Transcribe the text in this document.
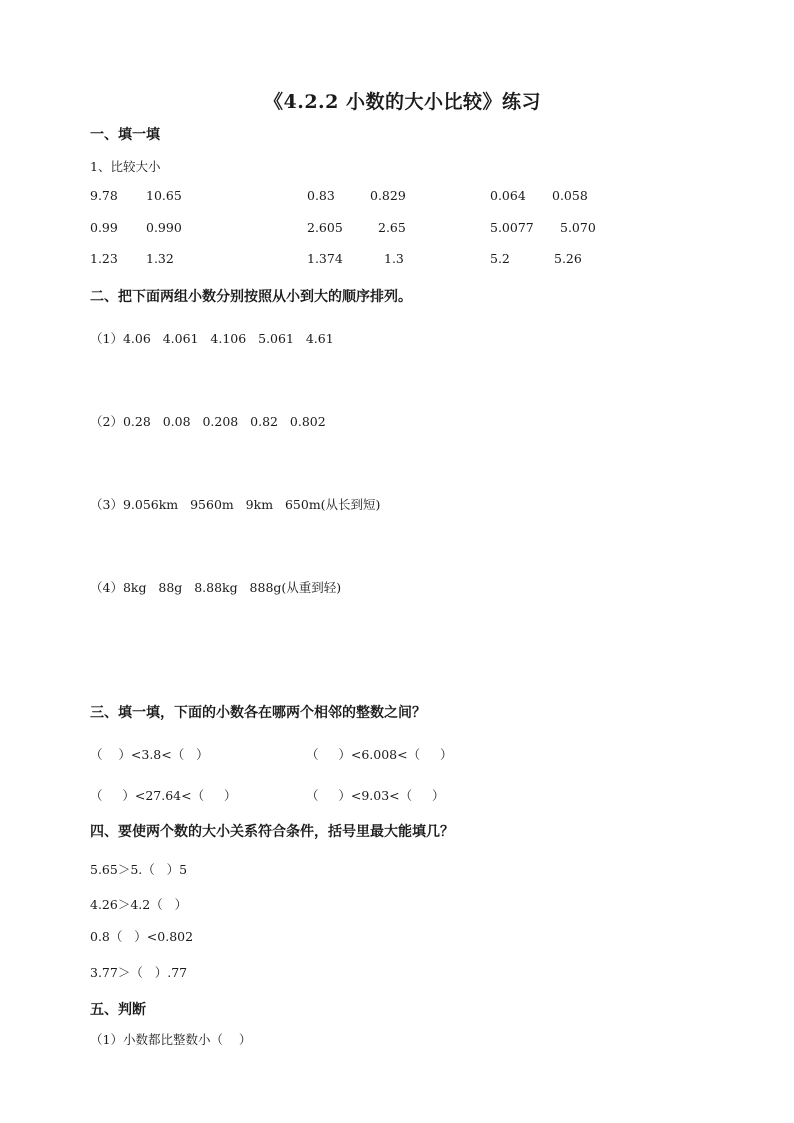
《4.2.2 小数的大小比较》练习
一、填一填
1、比较大小
9.78 10.65	0.83	0.829	0.064 0.058
0.99 0.990	2.605	2.65	5.0077 5.070
1.23 1.32	1.374	1.3	5.2	5.26
二、把下面两组小数分别按照从小到大的顺序排列。
（1）4.06   4.061   4.106   5.061   4.61
（2）0.28   0.08   0.208   0.82   0.802
（3）9.056km   9560m   9km   650m(从长到短)
（4）8kg   88g   8.88kg   888g(从重到轻)
三、填一填，下面的小数各在哪两个相邻的整数之间？
（    ）<3.8<（   ）	（     ）<6.008<（     ）
（     ）<27.64<（     ）	（     ）<9.03<（     ）
四、要使两个数的大小关系符合条件，括号里最大能填几？
5.65＞5.（   ）5
4.26＞4.2（   ）
0.8（   ）<0.802
3.77＞（   ）.77
五、判断
（1）小数都比整数小（    ）
